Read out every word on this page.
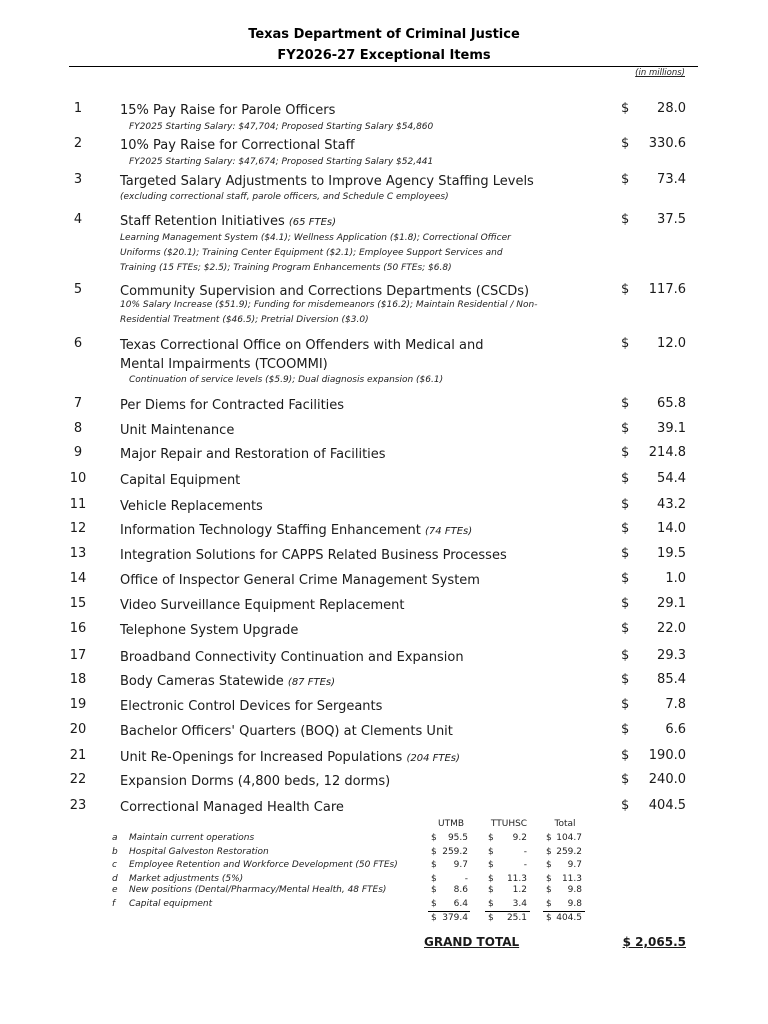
Texas Department of Criminal Justice
FY2026-27 Exceptional Items
(in millions)
1	15% Pay Raise for Parole Officers	$	28.0
FY2025 Starting Salary: $47,704; Proposed Starting Salary $54,860
2	10% Pay Raise for Correctional Staff	$	330.6
FY2025 Starting Salary: $47,674; Proposed Starting Salary $52,441
3	Targeted Salary Adjustments to Improve Agency Staffing Levels	$	73.4
(excluding correctional staff, parole officers, and Schedule C employees)
4	Staff Retention Initiatives (65 FTEs)	$	37.5
Learning Management System ($4.1); Wellness Application ($1.8); Correctional Officer Uniforms ($20.1); Training Center Equipment ($2.1); Employee Support Services and Training (15 FTEs; $2.5); Training Program Enhancements (50 FTEs; $6.8)
5	Community Supervision and Corrections Departments (CSCDs)	$	117.6
10% Salary Increase ($51.9); Funding for misdemeanors ($16.2); Maintain Residential / Non-Residential Treatment ($46.5); Pretrial Diversion ($3.0)
6	Texas Correctional Office on Offenders with Medical and Mental Impairments (TCOOMMI)
$	12.0
Continuation of service levels ($5.9); Dual diagnosis expansion ($6.1)
7	Per Diems for Contracted Facilities	$	65.8
8	Unit Maintenance	$	39.1
9	Major Repair and Restoration of Facilities	$	214.8
10	Capital Equipment	$	54.4
11	Vehicle Replacements	$	43.2
12	Information Technology Staffing Enhancement (74 FTEs)	$	14.0
13	Integration Solutions for CAPPS Related Business Processes	$	19.5
14	Office of Inspector General Crime Management System	$	1.0
15	Video Surveillance Equipment Replacement	$	29.1
16	Telephone System Upgrade	$	22.0
17	Broadband Connectivity Continuation and Expansion	$	29.3
18	Body Cameras Statewide (87 FTEs)	$	85.4
19	Electronic Control Devices for Sergeants	$	7.8
20	Bachelor Officers' Quarters (BOQ) at Clements Unit	$	6.6
21	Unit Re-Openings for Increased Populations (204 FTEs)	$	190.0
22	Expansion Dorms (4,800 beds, 12 dorms)	$	240.0
23	Correctional Managed Health Care	$	404.5
UTMB	TTUHSC	Total
a	Maintain current operations	$	95.5 $	9.2 $ 104.7
b	Hospital Galveston Restoration	$ 259.2 $	- $ 259.2
c	Employee Retention and Workforce Development (50 FTEs)	$	9.7 $	- $	9.7
d	Market adjustments (5%)	$	- $	11.3 $	11.3
e	New positions (Dental/Pharmacy/Mental Health, 48 FTEs)	$	8.6 $	1.2 $	9.8
f	Capital equipment	$	6.4 $	3.4 $	9.8
$ 379.4 $	25.1 $ 404.5
GRAND TOTAL	$ 2,065.5
